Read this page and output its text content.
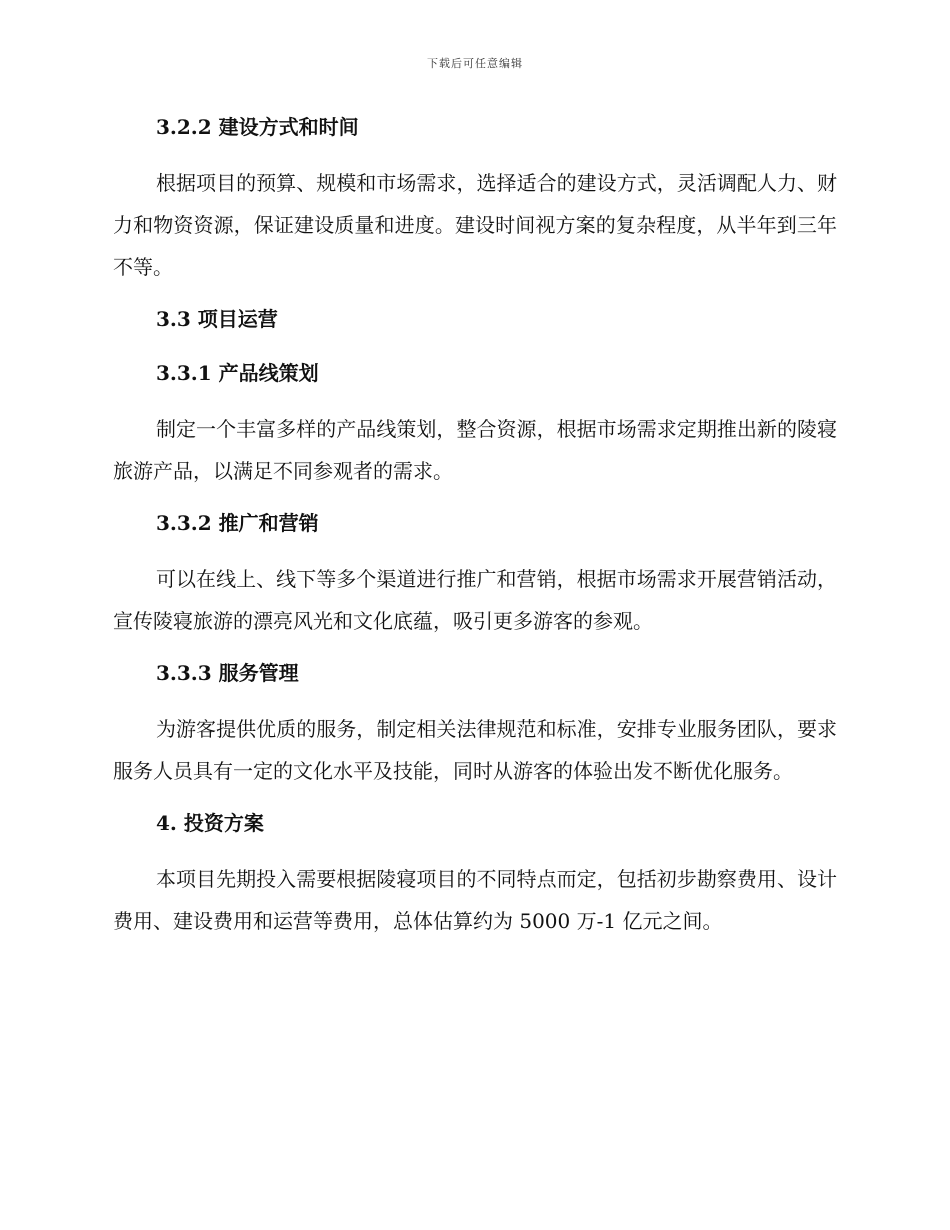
下载后可任意编辑
3.2.2 建设方式和时间

根据项目的预算、规模和市场需求，选择适合的建设方式，灵活调配人力、财力和物资资源，保证建设质量和进度。建设时间视方案的复杂程度，从半年到三年不等。

3.3 项目运营
3.3.1 产品线策划

制定一个丰富多样的产品线策划，整合资源，根据市场需求定期推出新的陵寝旅游产品，以满足不同参观者的需求。

3.3.2 推广和营销

可以在线上、线下等多个渠道进行推广和营销，根据市场需求开展营销活动，宣传陵寝旅游的漂亮风光和文化底蕴，吸引更多游客的参观。

3.3.3 服务管理

为游客提供优质的服务，制定相关法律规范和标准，安排专业服务团队，要求服务人员具有一定的文化水平及技能，同时从游客的体验出发不断优化服务。

4. 投资方案

本项目先期投入需要根据陵寝项目的不同特点而定，包括初步勘察费用、设计费用、建设费用和运营等费用，总体估算约为 5000 万-1 亿元之间。
